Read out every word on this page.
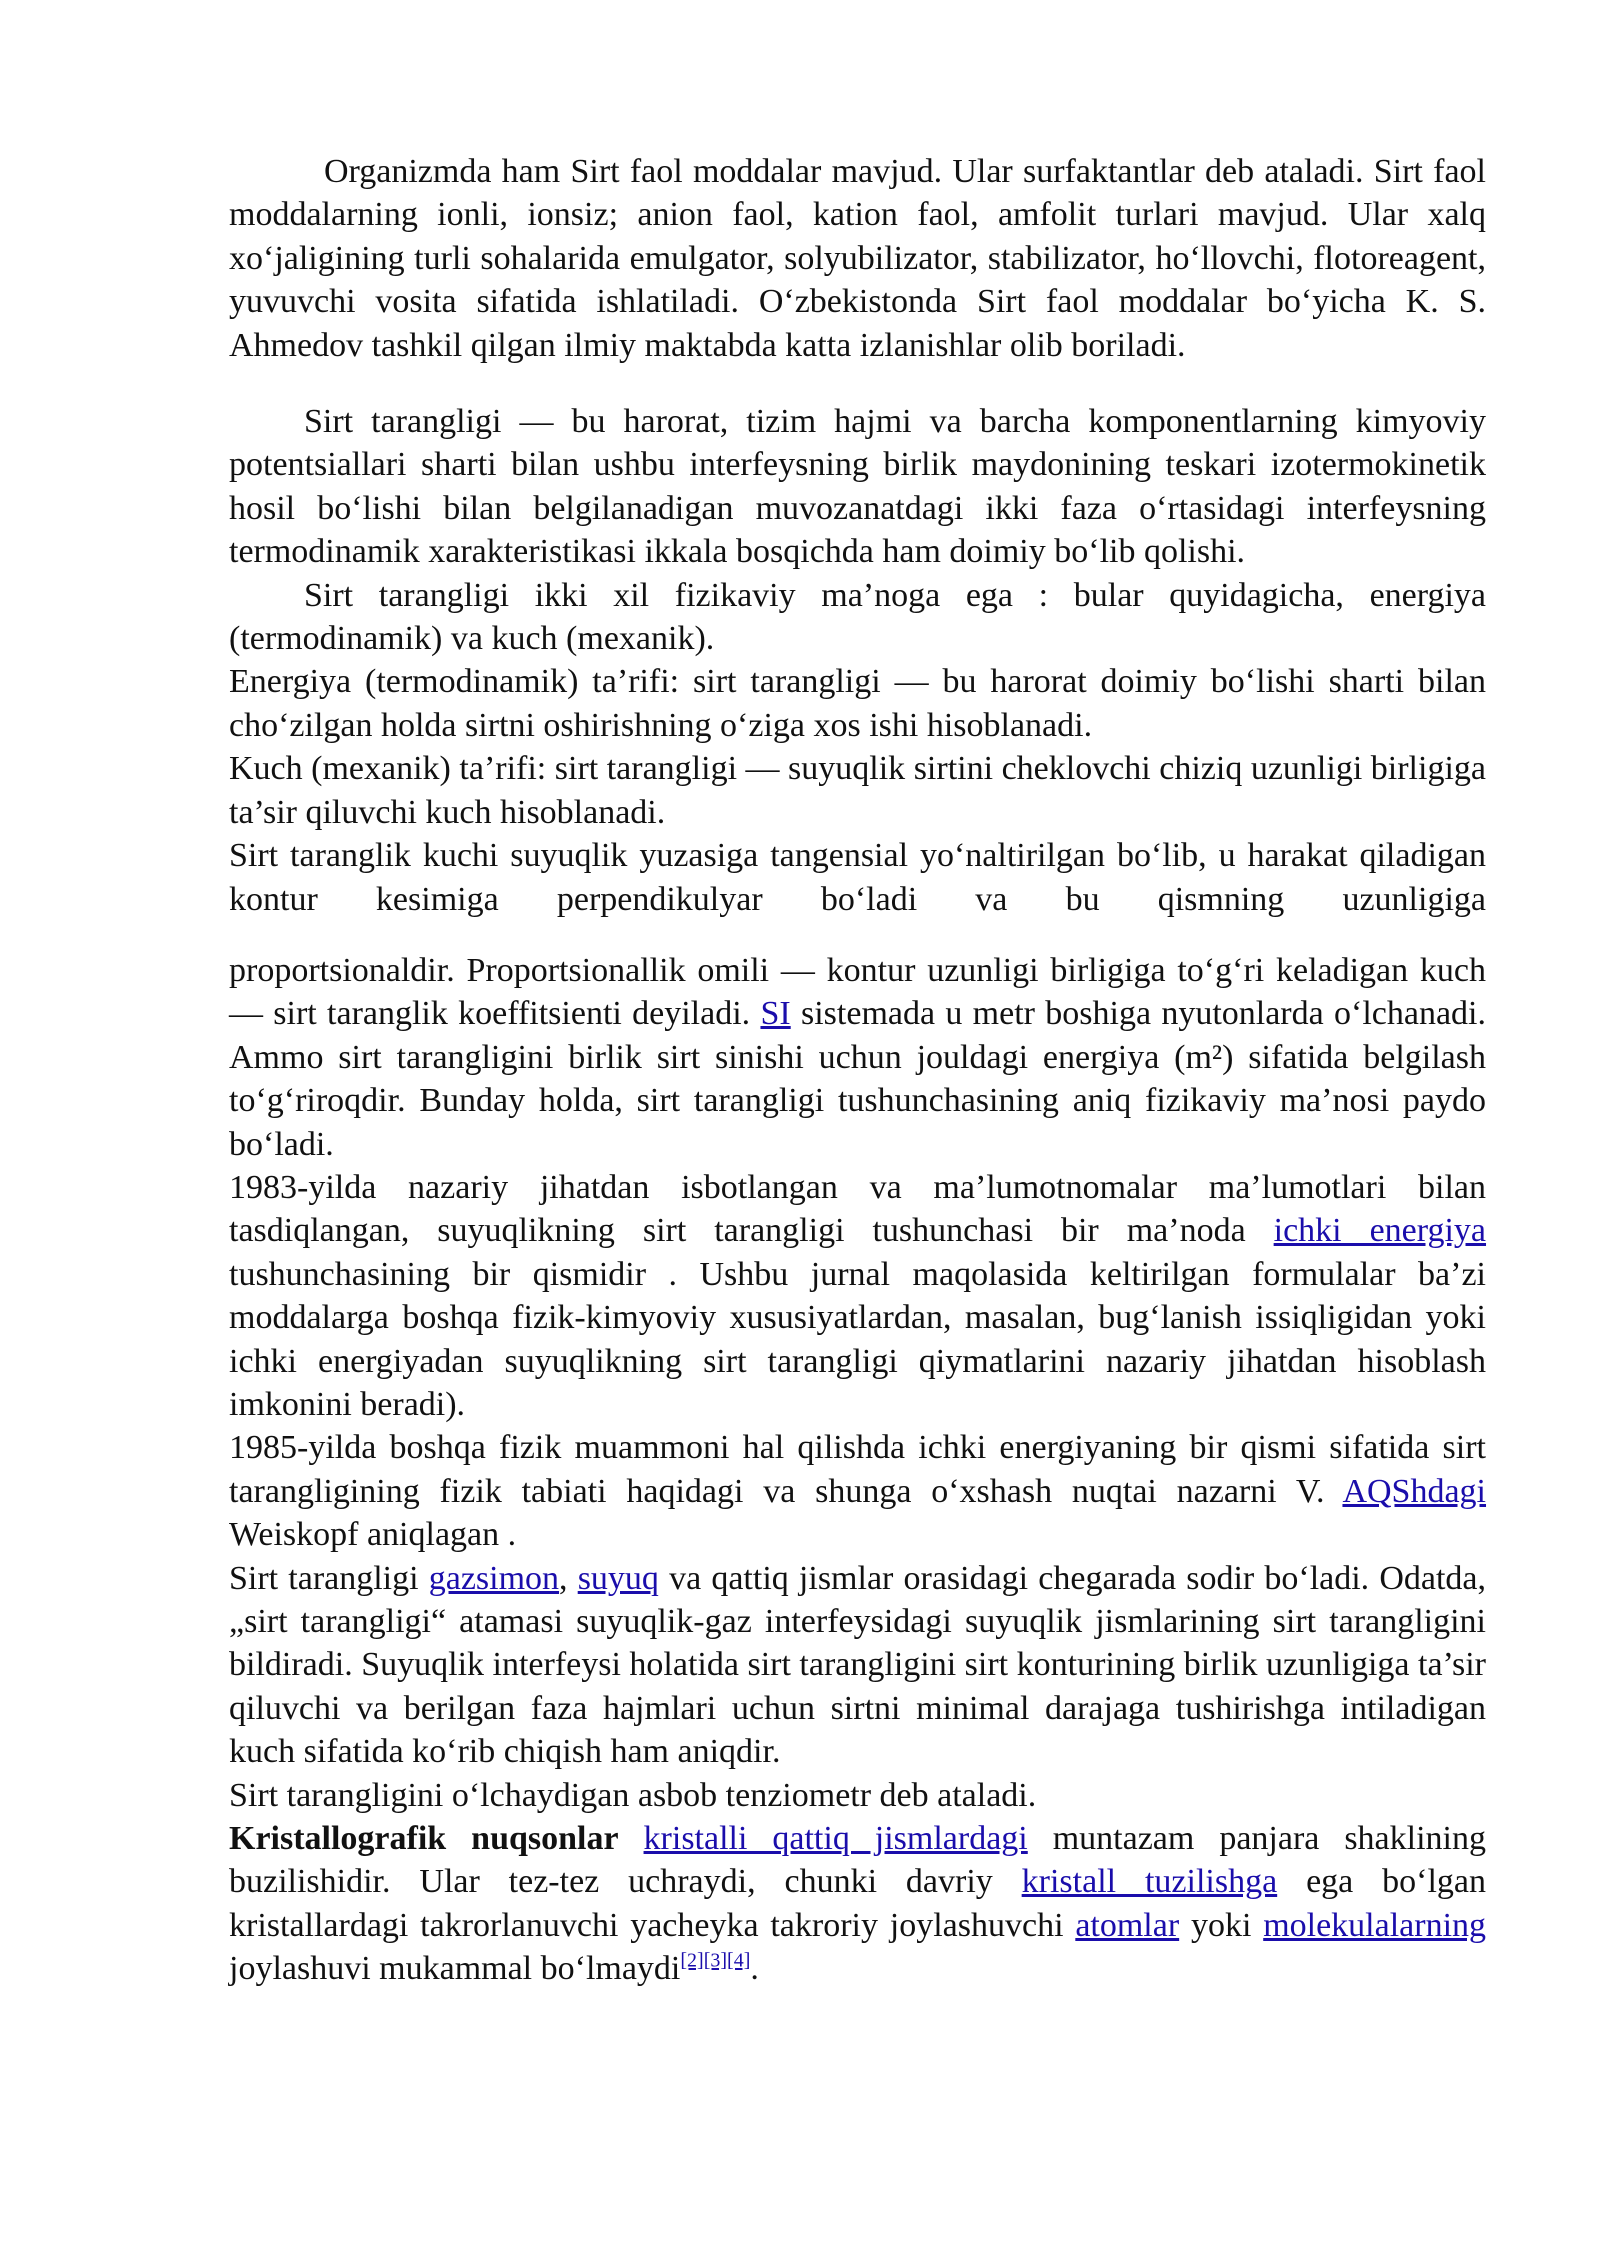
Organizmda ham Sirt faol moddalar mavjud. Ular surfaktantlar deb ataladi. Sirt faol moddalarning ionli, ionsiz; anion faol, kation faol, amfolit turlari mavjud. Ular xalq xoʻjaligining turli sohalarida emulgator, solyubilizator, stabilizator, hoʻllovchi, flotoreagent, yuvuvchi vosita sifatida ishlatiladi. Oʻzbekistonda Sirt faol moddalar boʻyicha K. S. Ahmedov tashkil qilgan ilmiy maktabda katta izlanishlar olib boriladi.

Sirt tarangligi — bu harorat, tizim hajmi va barcha komponentlarning kimyoviy potentsiallari sharti bilan ushbu interfeysning birlik maydonining teskari izotermokinetik hosil boʻlishi bilan belgilanadigan muvozanatdagi ikki faza oʻrtasidagi interfeysning termodinamik xarakteristikasi ikkala bosqichda ham doimiy boʻlib qolishi.

Sirt tarangligi ikki xil fizikaviy ma’noga ega : bular quyidagicha, energiya (termodinamik) va kuch (mexanik).

Energiya (termodinamik) ta’rifi: sirt tarangligi — bu harorat doimiy boʻlishi sharti bilan choʻzilgan holda sirtni oshirishning oʻziga xos ishi hisoblanadi.

Kuch (mexanik) ta’rifi: sirt tarangligi — suyuqlik sirtini cheklovchi chiziq uzunligi birligiga ta’sir qiluvchi kuch hisoblanadi.

Sirt taranglik kuchi suyuqlik yuzasiga tangensial yoʻnaltirilgan boʻlib, u harakat qiladigan kontur kesimiga perpendikulyar boʻladi va bu qismning uzunligiga

proportsionaldir. Proportsionallik omili — kontur uzunligi birligiga toʻgʻri keladigan kuch — sirt taranglik koeffitsienti deyiladi. SI sistemada u metr boshiga nyutonlarda oʻlchanadi. Ammo sirt tarangligini birlik sirt sinishi uchun jouldagi energiya (m²) sifatida belgilash toʻgʻriroqdir. Bunday holda, sirt tarangligi tushunchasining aniq fizikaviy ma’nosi paydo boʻladi.

1983-yilda nazariy jihatdan isbotlangan va ma’lumotnomalar ma’lumotlari bilan tasdiqlangan, suyuqlikning sirt tarangligi tushunchasi bir ma’noda ichki energiya tushunchasining bir qismidir . Ushbu jurnal maqolasida keltirilgan formulalar ba’zi moddalarga boshqa fizik-kimyoviy xususiyatlardan, masalan, bugʻlanish issiqligidan yoki ichki energiyadan suyuqlikning sirt tarangligi qiymatlarini nazariy jihatdan hisoblash imkonini beradi).

1985-yilda boshqa fizik muammoni hal qilishda ichki energiyaning bir qismi sifatida sirt tarangligining fizik tabiati haqidagi va shunga oʻxshash nuqtai nazarni V. AQShdagi Weiskopf aniqlagan .

Sirt tarangligi gazsimon, suyuq va qattiq jismlar orasidagi chegarada sodir boʻladi. Odatda, „sirt tarangligi“ atamasi suyuqlik-gaz interfeysidagi suyuqlik jismlarining sirt tarangligini bildiradi. Suyuqlik interfeysi holatida sirt tarangligini sirt konturining birlik uzunligiga ta’sir qiluvchi va berilgan faza hajmlari uchun sirtni minimal darajaga tushirishga intiladigan kuch sifatida koʻrib chiqish ham aniqdir.

Sirt tarangligini oʻlchaydigan asbob tenziometr deb ataladi.

Kristallografik nuqsonlar kristalli qattiq jismlardagi muntazam panjara shaklining buzilishidir. Ular tez-tez uchraydi, chunki davriy kristall tuzilishga ega boʻlgan kristallardagi takrorlanuvchi yacheyka takroriy joylashuvchi atomlar yoki molekulalarning joylashuvi mukammal boʻlmaydi[2][3][4].
